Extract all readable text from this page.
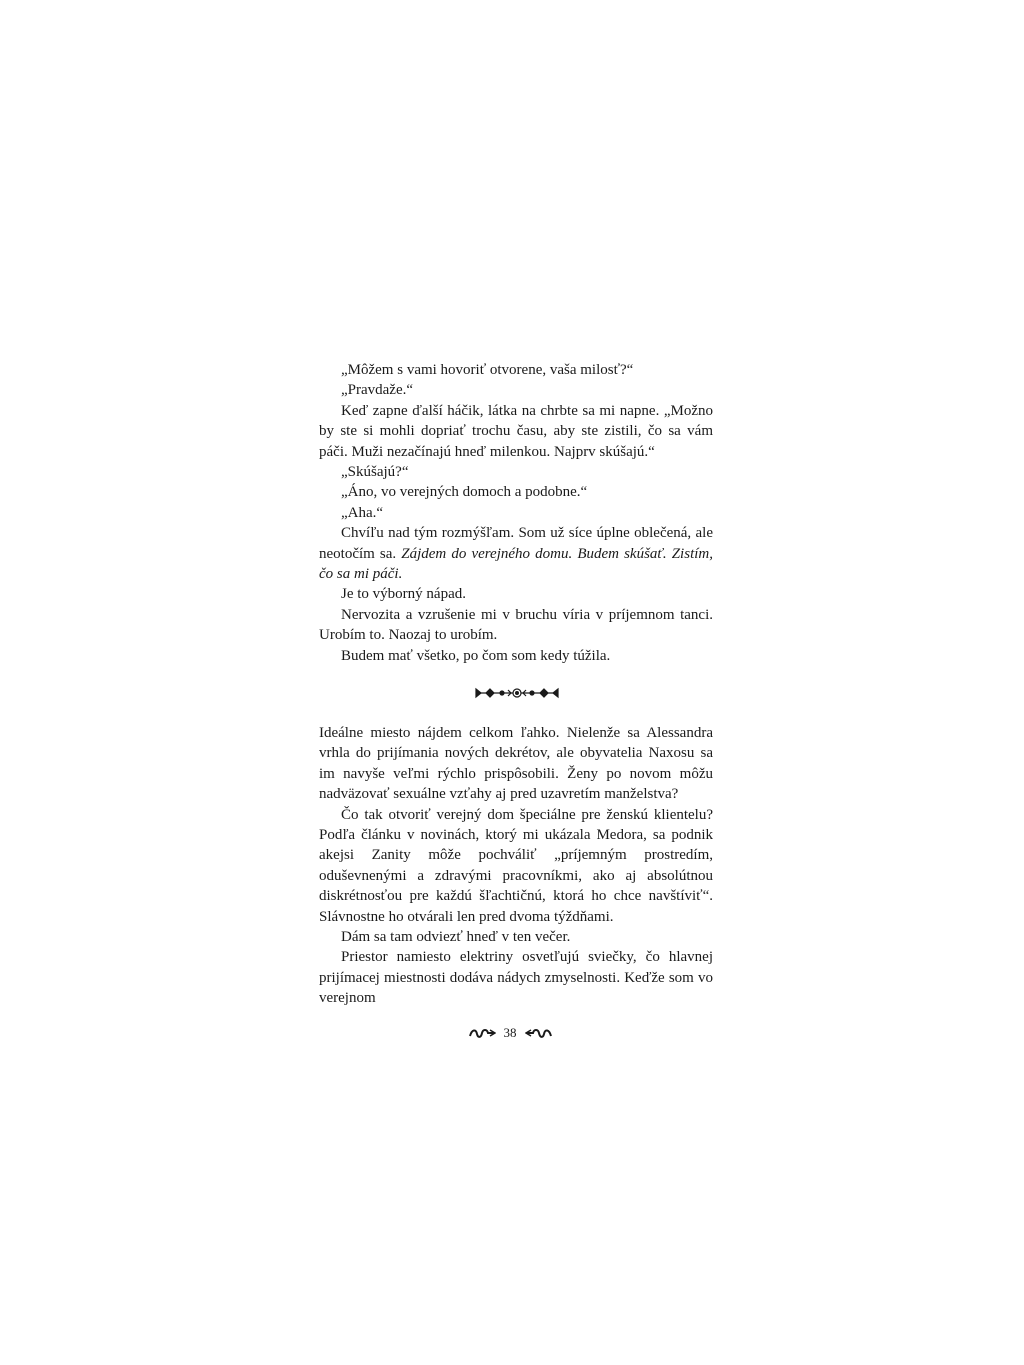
„Môžem s vami hovoriť otvorene, vaša milosť?“

„Pravdaže.“

Keď zapne ďalší háčik, látka na chrbte sa mi napne. „Možno by ste si mohli dopriať trochu času, aby ste zistili, čo sa vám páči. Muži nezačínajú hneď milenkou. Najprv skúšajú.“

„Skúšajú?“

„Áno, vo verejných domoch a podobne.“

„Aha.“

Chvíľu nad tým rozmýšľam. Som už síce úplne oblečená, ale neotočím sa. Zájdem do verejného domu. Budem skúšať. Zistím, čo sa mi páči.

Je to výborný nápad.

Nervozita a vzrušenie mi v bruchu víria v príjemnom tanci. Urobím to. Naozaj to urobím.

Budem mať všetko, po čom som kedy túžila.

Ideálne miesto nájdem celkom ľahko. Nielenže sa Alessandra vrhla do prijímania nových dekrétov, ale obyvatelia Naxosu sa im navyše veľmi rýchlo prispôsobili. Ženy po novom môžu nadväzovať sexuálne vzťahy aj pred uzavretím manželstva?

Čo tak otvoriť verejný dom špeciálne pre ženskú klientelu? Podľa článku v novinách, ktorý mi ukázala Medora, sa podnik akejsi Zanity môže pochváliť „príjemným prostredím, oduševnenými a zdravými pracovníkmi, ako aj absolútnou diskrétnosťou pre každú šľachtičnú, ktorá ho chce navštíviť“. Slávnostne ho otvárali len pred dvoma týždňami.

Dám sa tam odviezť hneď v ten večer.

Priestor namiesto elektriny osvetľujú sviečky, čo hlavnej prijímacej miestnosti dodáva nádych zmyselnosti. Keďže som vo verejnom

38
